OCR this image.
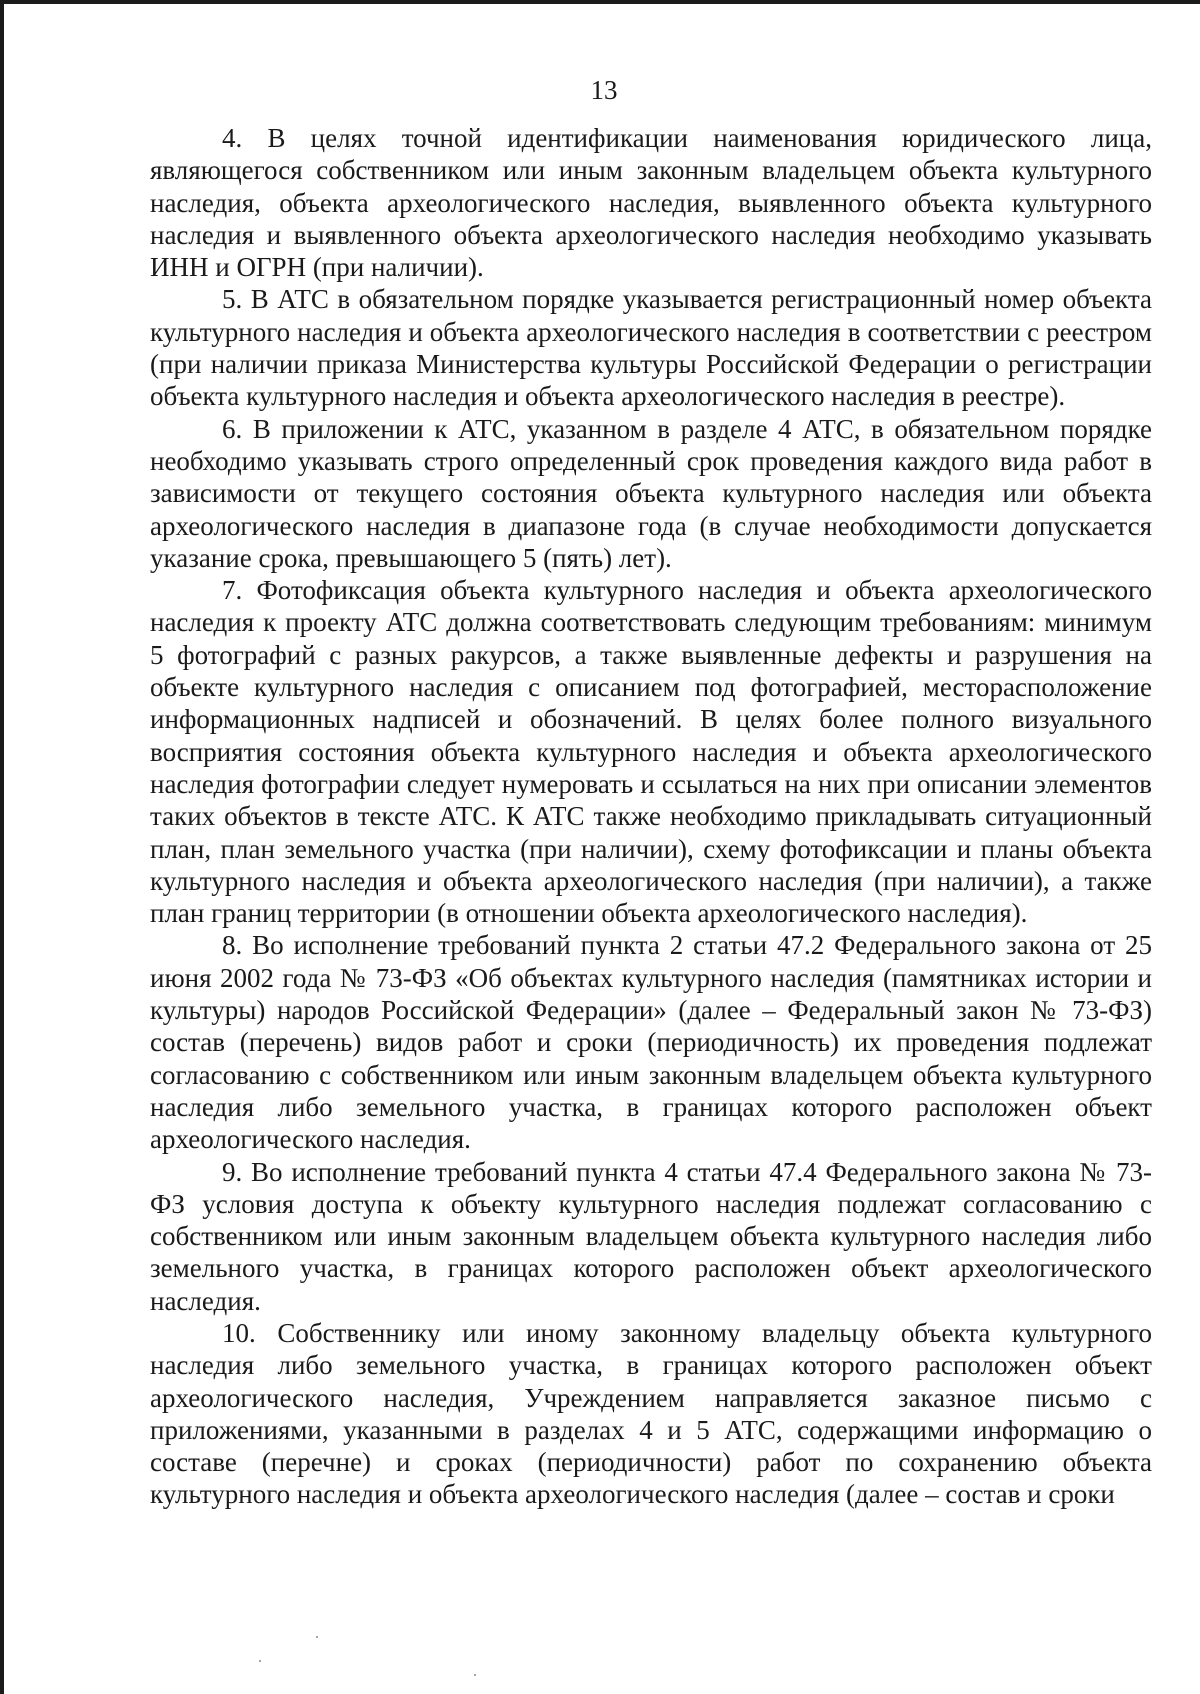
13

4. В целях точной идентификации наименования юридического лица, являющегося собственником или иным законным владельцем объекта культурного наследия, объекта археологического наследия, выявленного объекта культурного наследия и выявленного объекта археологического наследия необходимо указывать ИНН и ОГРН (при наличии).

5. В АТС в обязательном порядке указывается регистрационный номер объекта культурного наследия и объекта археологического наследия в соответствии с реестром (при наличии приказа Министерства культуры Российской Федерации о регистрации объекта культурного наследия и объекта археологического наследия в реестре).

6. В приложении к АТС, указанном в разделе 4 АТС, в обязательном порядке необходимо указывать строго определенный срок проведения каждого вида работ в зависимости от текущего состояния объекта культурного наследия или объекта археологического наследия в диапазоне года (в случае необходимости допускается указание срока, превышающего 5 (пять) лет).

7. Фотофиксация объекта культурного наследия и объекта археологического наследия к проекту АТС должна соответствовать следующим требованиям: минимум 5 фотографий с разных ракурсов, а также выявленные дефекты и разрушения на объекте культурного наследия с описанием под фотографией, месторасположение информационных надписей и обозначений. В целях более полного визуального восприятия состояния объекта культурного наследия и объекта археологического наследия фотографии следует нумеровать и ссылаться на них при описании элементов таких объектов в тексте АТС. К АТС также необходимо прикладывать ситуационный план, план земельного участка (при наличии), схему фотофиксации и планы объекта культурного наследия и объекта археологического наследия (при наличии), а также план границ территории (в отношении объекта археологического наследия).

8. Во исполнение требований пункта 2 статьи 47.2 Федерального закона от 25 июня 2002 года № 73-ФЗ «Об объектах культурного наследия (памятниках истории и культуры) народов Российской Федерации» (далее – Федеральный закон № 73-ФЗ) состав (перечень) видов работ и сроки (периодичность) их проведения подлежат согласованию с собственником или иным законным владельцем объекта культурного наследия либо земельного участка, в границах которого расположен объект археологического наследия.

9. Во исполнение требований пункта 4 статьи 47.4 Федерального закона № 73-ФЗ условия доступа к объекту культурного наследия подлежат согласованию с собственником или иным законным владельцем объекта культурного наследия либо земельного участка, в границах которого расположен объект археологического наследия.

10. Собственнику или иному законному владельцу объекта культурного наследия либо земельного участка, в границах которого расположен объект археологического наследия, Учреждением направляется заказное письмо с приложениями, указанными в разделах 4 и 5 АТС, содержащими информацию о составе (перечне) и сроках (периодичности) работ по сохранению объекта культурного наследия и объекта археологического наследия (далее – состав и сроки
